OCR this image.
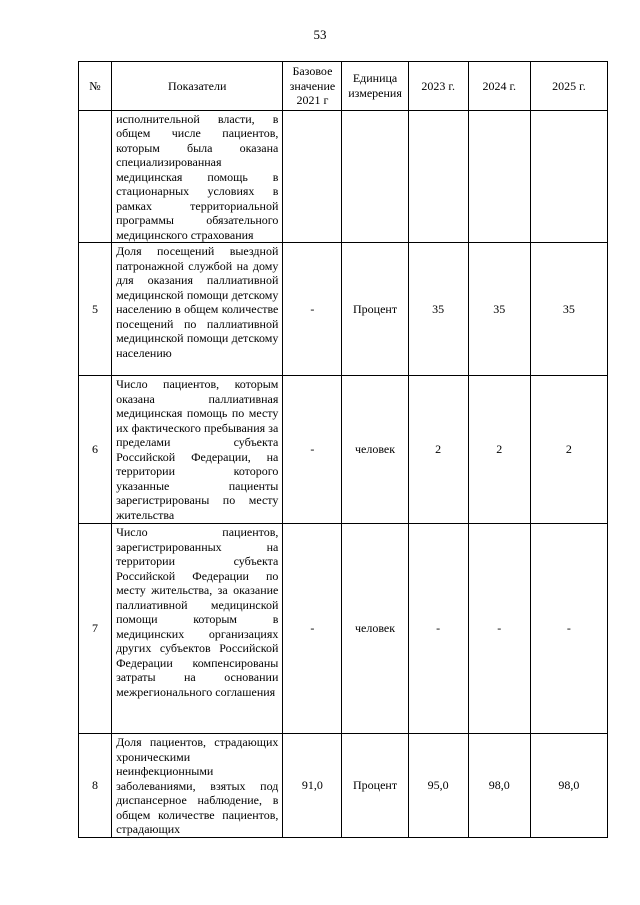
53
№	Показатели	Базовое значение 2021 г	Единица измерения	2023 г.	2024 г.	2025 г.
	исполнительной власти, в общем числе пациентов, которым была оказана специализированная медицинская помощь в стационарных условиях в рамках территориальной программы обязательного медицинского страхования					
5	Доля посещений выездной патронажной службой на дому для оказания паллиативной медицинской помощи детскому населению в общем количестве посещений по паллиативной медицинской помощи детскому населению	-	Процент	35	35	35
6	Число пациентов, которым оказана паллиативная медицинская помощь по месту их фактического пребывания за пределами субъекта Российской Федерации, на территории которого указанные пациенты зарегистрированы по месту жительства	-	человек	2	2	2
7	Число пациентов, зарегистрированных на территории субъекта Российской Федерации по месту жительства, за оказание паллиативной медицинской помощи которым в медицинских организациях других субъектов Российской Федерации компенсированы затраты на основании межрегионального соглашения	-	человек	-	-	-
8	Доля пациентов, страдающих хроническими неинфекционными заболеваниями, взятых под диспансерное наблюдение, в общем количестве пациентов, страдающих	91,0	Процент	95,0	98,0	98,0
